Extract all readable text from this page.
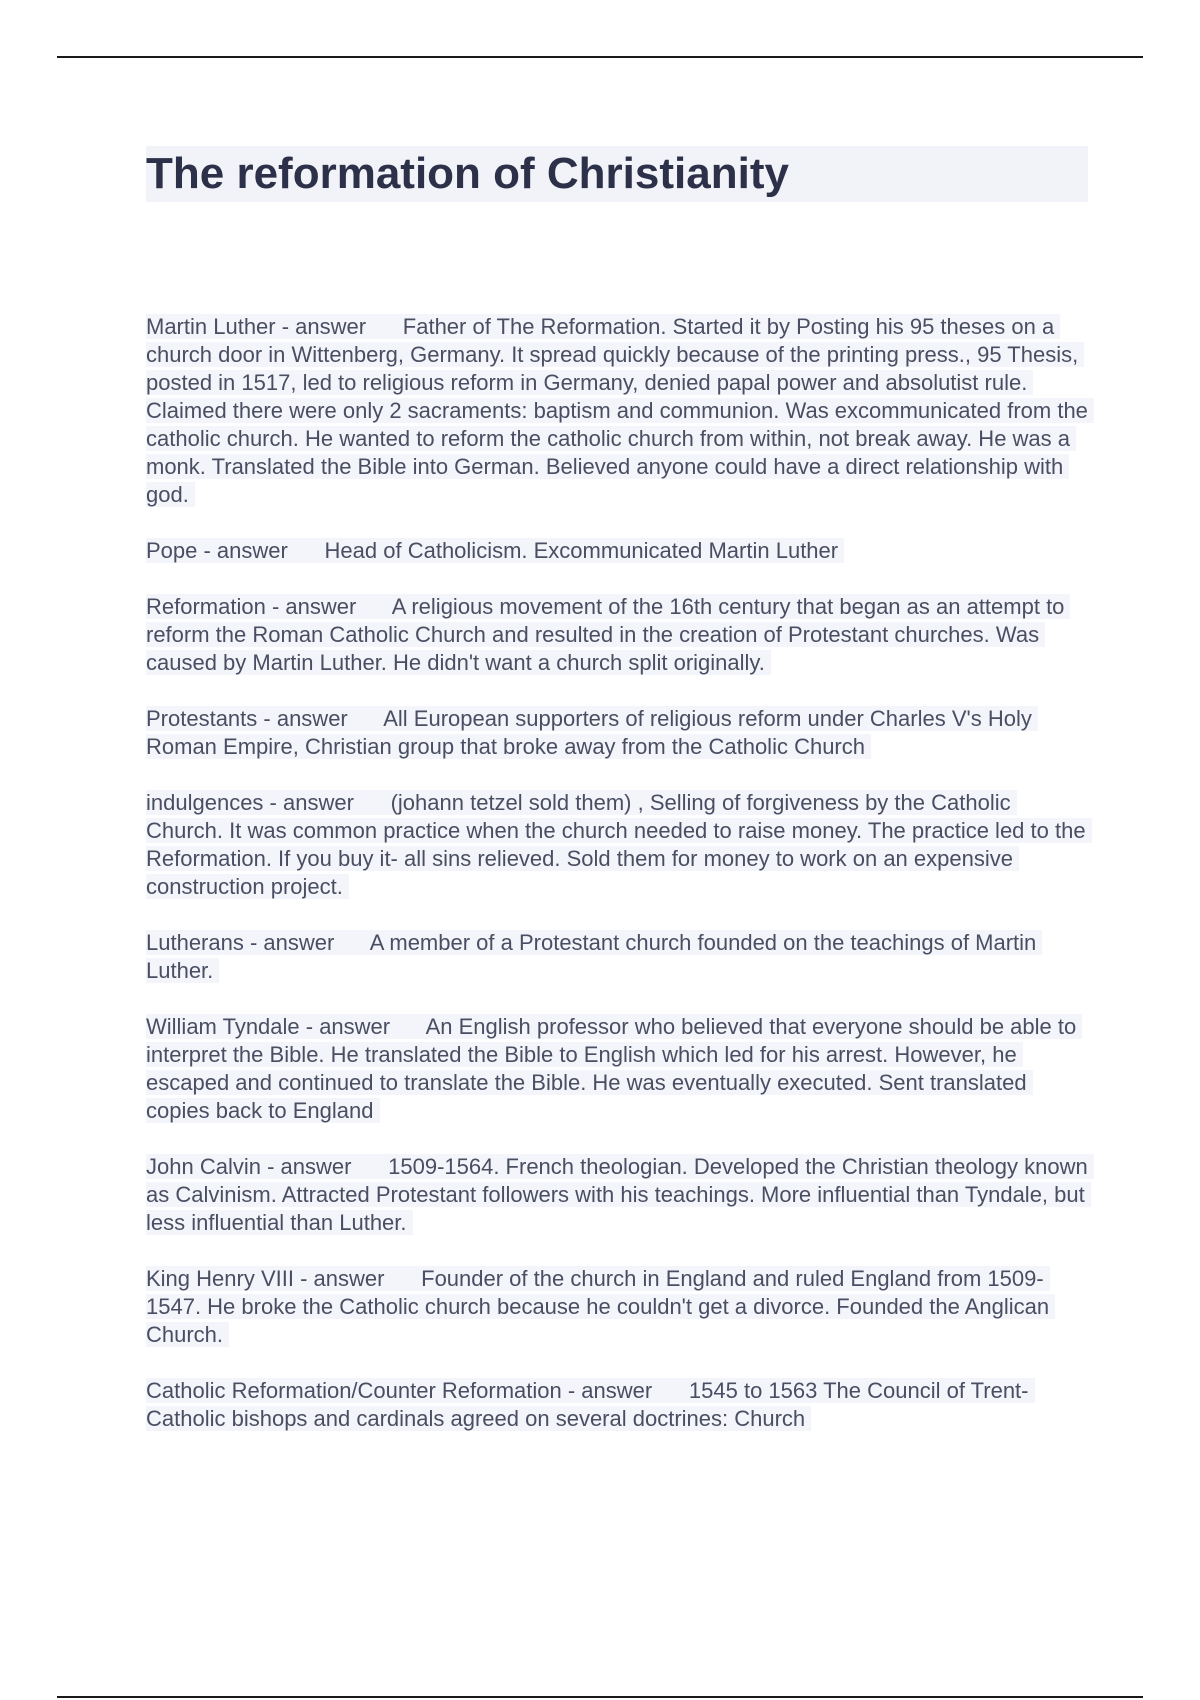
The reformation of Christianity

Martin Luther - answer Father of The Reformation. Started it by Posting his 95 theses on a church door in Wittenberg, Germany. It spread quickly because of the printing press., 95 Thesis, posted in 1517, led to religious reform in Germany, denied papal power and absolutist rule. Claimed there were only 2 sacraments: baptism and communion. Was excommunicated from the catholic church. He wanted to reform the catholic church from within, not break away. He was a monk. Translated the Bible into German. Believed anyone could have a direct relationship with god.

Pope - answer Head of Catholicism. Excommunicated Martin Luther

Reformation - answer A religious movement of the 16th century that began as an attempt to reform the Roman Catholic Church and resulted in the creation of Protestant churches. Was caused by Martin Luther. He didn't want a church split originally.

Protestants - answer All European supporters of religious reform under Charles V's Holy Roman Empire, Christian group that broke away from the Catholic Church

indulgences - answer (johann tetzel sold them) , Selling of forgiveness by the Catholic Church. It was common practice when the church needed to raise money. The practice led to the Reformation. If you buy it- all sins relieved. Sold them for money to work on an expensive construction project.

Lutherans - answer A member of a Protestant church founded on the teachings of Martin Luther.

William Tyndale - answer An English professor who believed that everyone should be able to interpret the Bible. He translated the Bible to English which led for his arrest. However, he escaped and continued to translate the Bible. He was eventually executed. Sent translated copies back to England

John Calvin - answer 1509-1564. French theologian. Developed the Christian theology known as Calvinism. Attracted Protestant followers with his teachings. More influential than Tyndale, but less influential than Luther.

King Henry VIII - answer Founder of the church in England and ruled England from 1509-1547. He broke the Catholic church because he couldn't get a divorce. Founded the Anglican Church.

Catholic Reformation/Counter Reformation - answer 1545 to 1563 The Council of Trent- Catholic bishops and cardinals agreed on several doctrines: Church
